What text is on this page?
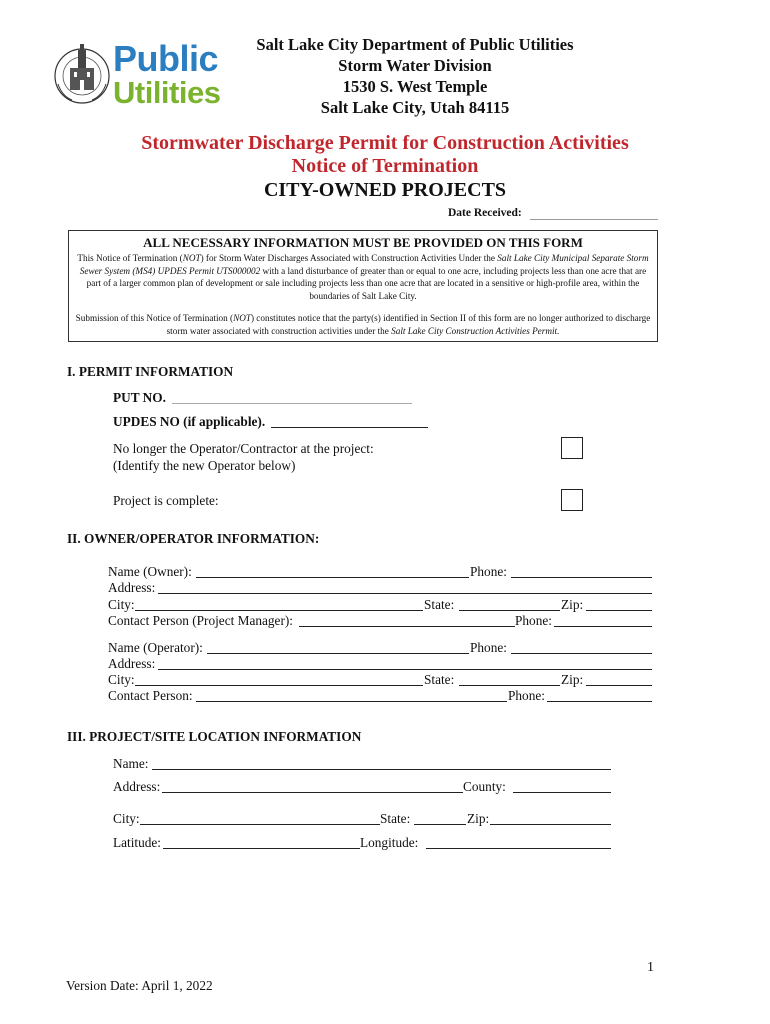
Public
Utilities
Salt Lake City Department of Public Utilities
Storm Water Division
1530 S. West Temple
Salt Lake City, Utah 84115
Stormwater Discharge Permit for Construction Activities
Notice of Termination
CITY-OWNED PROJECTS
Date Received:
ALL NECESSARY INFORMATION MUST BE PROVIDED ON THIS FORM
This Notice of Termination (NOT) for Storm Water Discharges Associated with Construction Activities Under the Salt Lake City Municipal Separate Storm Sewer System (MS4) UPDES Permit UTS000002 with a land disturbance of greater than or equal to one acre, including projects less than one acre that are part of a larger common plan of development or sale including projects less than one acre that are located in a sensitive or high-profile area, within the boundaries of Salt Lake City.
Submission of this Notice of Termination (NOT) constitutes notice that the party(s) identified in Section II of this form are no longer authorized to discharge storm water associated with construction activities under the Salt Lake City Construction Activities Permit.
I. PERMIT INFORMATION
PUT NO.
UPDES NO (if applicable).
No longer the Operator/Contractor at the project:
(Identify the new Operator below)
Project is complete:
II. OWNER/OPERATOR INFORMATION:
Name (Owner):	Phone:
Address:
City:	State:	Zip:
Contact Person (Project Manager):	Phone:
Name (Operator):	Phone:
Address:
City:	State:	Zip:
Contact Person:	Phone:
III. PROJECT/SITE LOCATION INFORMATION
Name:
Address:	County:
City:	State:	Zip:
Latitude:	Longitude:
1
Version Date: April 1, 2022
